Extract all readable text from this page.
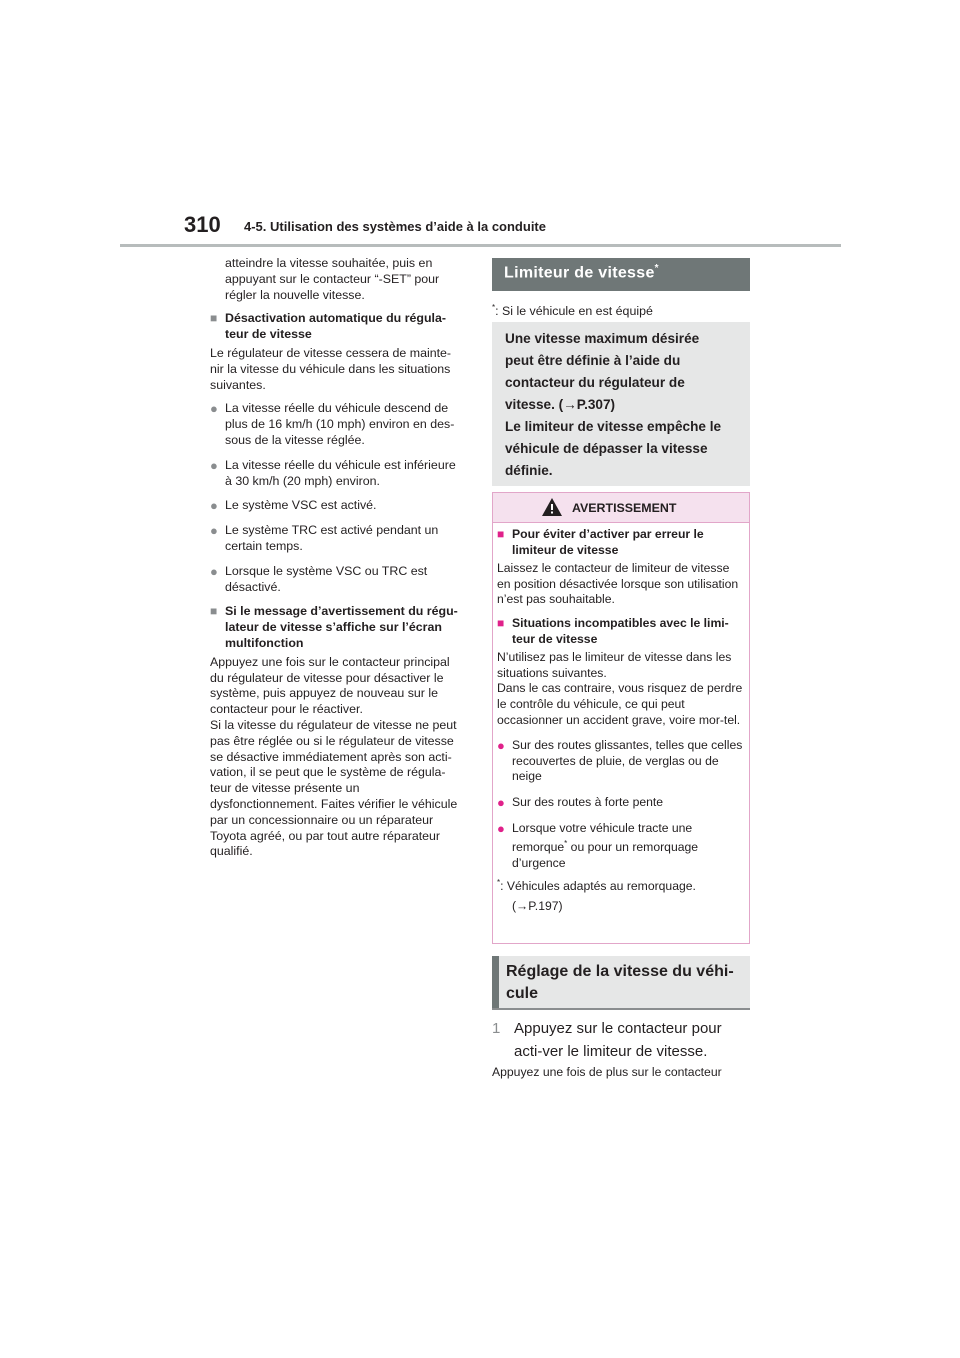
310 4-5. Utilisation des systèmes d’aide à la conduite

atteindre la vitesse souhaitée, puis en appuyant sur le contacteur “-SET” pour régler la nouvelle vitesse.

■ Désactivation automatique du régula-teur de vitesse

Le régulateur de vitesse cessera de mainte-nir la vitesse du véhicule dans les situations suivantes.

● La vitesse réelle du véhicule descend de plus de 16 km/h (10 mph) environ en des-sous de la vitesse réglée.
● La vitesse réelle du véhicule est inférieure à 30 km/h (20 mph) environ.
● Le système VSC est activé.
● Le système TRC est activé pendant un certain temps.
● Lorsque le système VSC ou TRC est désactivé.
■ Si le message d’avertissement du régu-lateur de vitesse s’affiche sur l’écran multifonction

Appuyez une fois sur le contacteur principal du régulateur de vitesse pour désactiver le système, puis appuyez de nouveau sur le contacteur pour le réactiver.

Si la vitesse du régulateur de vitesse ne peut pas être réglée ou si le régulateur de vitesse se désactive immédiatement après son acti-vation, il se peut que le système de régula-teur de vitesse présente un dysfonctionnement. Faites vérifier le véhicule par un concessionnaire ou un réparateur Toyota agréé, ou par tout autre réparateur qualifié.

Limiteur de vitesse*
*: Si le véhicule en est équipé
Une vitesse maximum désirée
peut être définie à l’aide du
contacteur du régulateur de
vitesse. (→P.307)
Le limiteur de vitesse empêche le
véhicule de dépasser la vitesse
définie.
AVERTISSEMENT
■ Pour éviter d’activer par erreur le limiteur de vitesse

Laissez le contacteur de limiteur de vitesse en position désactivée lorsque son utilisation n’est pas souhaitable.

■ Situations incompatibles avec le limi-teur de vitesse

N’utilisez pas le limiteur de vitesse dans les situations suivantes.

Dans le cas contraire, vous risquez de perdre le contrôle du véhicule, ce qui peut occasionner un accident grave, voire mor-tel.

● Sur des routes glissantes, telles que celles recouvertes de pluie, de verglas ou de neige
● Sur des routes à forte pente
● Lorsque votre véhicule tracte une remorque* ou pour un remorquage d’urgence
*: Véhicules adaptés au remorquage.
(→P.197)
Réglage de la vitesse du véhi-cule
1 Appuyez sur le contacteur pour acti-ver le limiteur de vitesse.
Appuyez une fois de plus sur le contacteur
